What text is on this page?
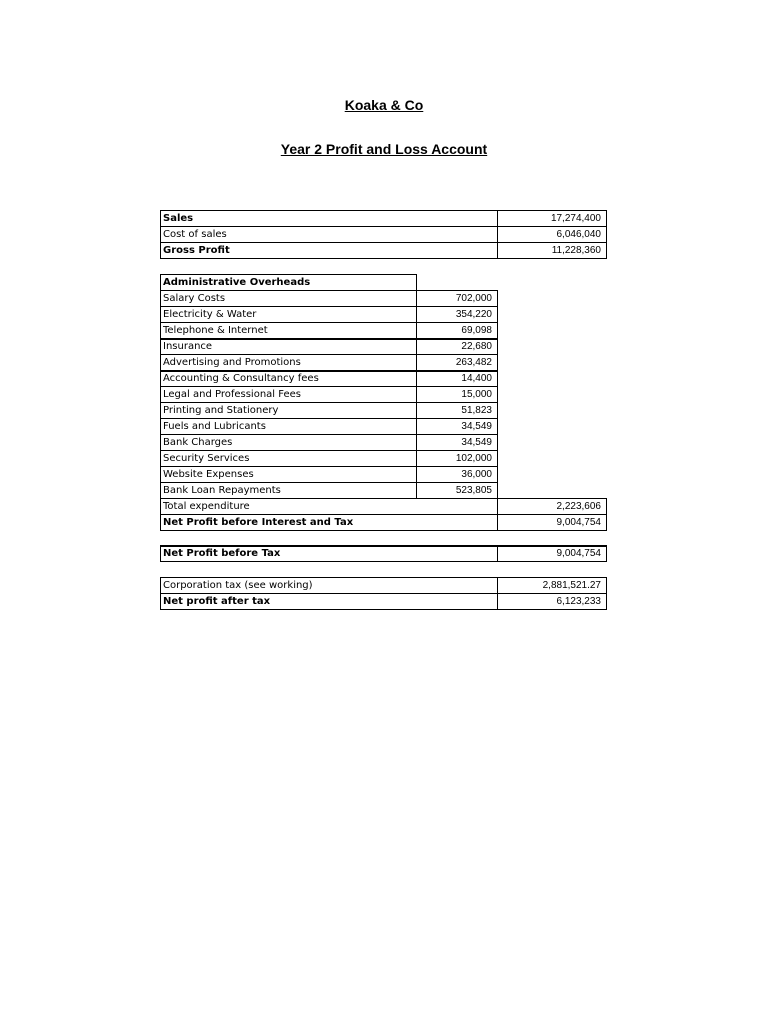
Koaka & Co
Year 2 Profit and Loss Account
Sales	17,274,400
Cost of sales	6,046,040
Gross Profit	11,228,360
Administrative Overheads
Salary Costs	702,000
Electricity & Water	354,220
Telephone & Internet	69,098
Insurance	22,680
Advertising and Promotions	263,482
Accounting & Consultancy fees	14,400
Legal and Professional Fees	15,000
Printing and Stationery	51,823
Fuels and Lubricants	34,549
Bank Charges	34,549
Security Services	102,000
Website Expenses	36,000
Bank Loan Repayments	523,805
Total expenditure	2,223,606
Net Profit before Interest and Tax	9,004,754
Net Profit before Tax	9,004,754
Corporation tax (see working)	2,881,521.27
Net profit after tax	6,123,233
